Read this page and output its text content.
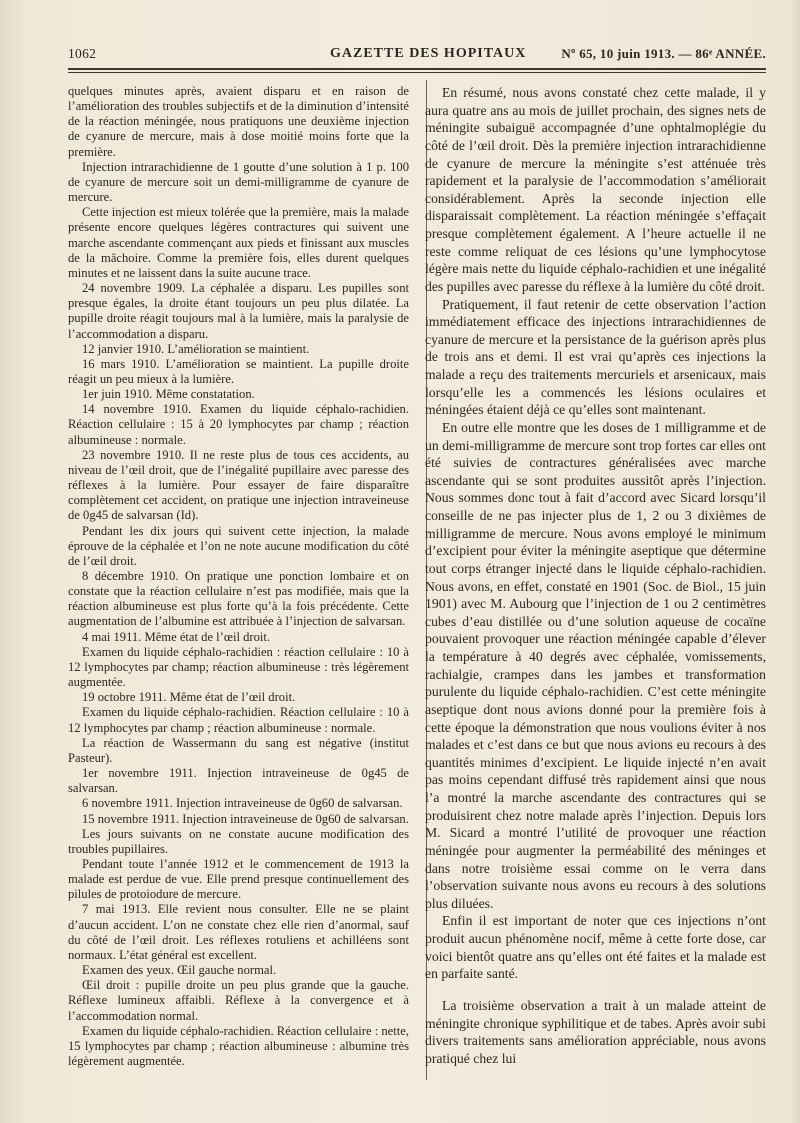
1062	GAZETTE DES HOPITAUX	Nº 65, 10 juin 1913. — 86ᵉ ANNÉE.

quelques minutes après, avaient disparu et en raison de l’amélioration des troubles subjectifs et de la diminution d’intensité de la réaction méningée, nous pratiquons une deuxième injection de cyanure de mercure, mais à dose moitié moins forte que la première.

Injection intrarachidienne de 1 goutte d’une solution à 1 p. 100 de cyanure de mercure soit un demi-milligramme de cyanure de mercure.

Cette injection est mieux tolérée que la première, mais la malade présente encore quelques légères contractures qui suivent une marche ascendante commençant aux pieds et finissant aux muscles de la mâchoire. Comme la première fois, elles durent quelques minutes et ne laissent dans la suite aucune trace.

24 novembre 1909. La céphalée a disparu. Les pupilles sont presque égales, la droite étant toujours un peu plus dilatée. La pupille droite réagit toujours mal à la lumière, mais la paralysie de l’accommodation a disparu.

12 janvier 1910. L’amélioration se maintient.

16 mars 1910. L’amélioration se maintient. La pupille droite réagit un peu mieux à la lumière.

1er juin 1910. Même constatation.

14 novembre 1910. Examen du liquide céphalo-rachidien. Réaction cellulaire : 15 à 20 lymphocytes par champ ; réaction albumineuse : normale.

23 novembre 1910. Il ne reste plus de tous ces accidents, au niveau de l’œil droit, que de l’inégalité pupillaire avec paresse des réflexes à la lumière. Pour essayer de faire disparaître complètement cet accident, on pratique une injection intraveineuse de 0g45 de salvarsan (Id).

Pendant les dix jours qui suivent cette injection, la malade éprouve de la céphalée et l’on ne note aucune modification du côté de l’œil droit.

8 décembre 1910. On pratique une ponction lombaire et on constate que la réaction cellulaire n’est pas modifiée, mais que la réaction albumineuse est plus forte qu’à la fois précédente. Cette augmentation de l’albumine est attribuée à l’injection de salvarsan.

4 mai 1911. Même état de l’œil droit.

Examen du liquide céphalo-rachidien : réaction cellulaire : 10 à 12 lymphocytes par champ; réaction albumineuse : très légèrement augmentée.

19 octobre 1911. Même état de l’œil droit.

Examen du liquide céphalo-rachidien. Réaction cellulaire : 10 à 12 lymphocytes par champ ; réaction albumineuse : normale.

La réaction de Wassermann du sang est négative (institut Pasteur).

1er novembre 1911. Injection intraveineuse de 0g45 de salvarsan.

6 novembre 1911. Injection intraveineuse de 0g60 de salvarsan.

15 novembre 1911. Injection intraveineuse de 0g60 de salvarsan.

Les jours suivants on ne constate aucune modification des troubles pupillaires.

Pendant toute l’année 1912 et le commencement de 1913 la malade est perdue de vue. Elle prend presque continuellement des pilules de protoiodure de mercure.

7 mai 1913. Elle revient nous consulter. Elle ne se plaint d’aucun accident. L’on ne constate chez elle rien d’anormal, sauf du côté de l’œil droit. Les réflexes rotuliens et achilléens sont normaux. L’état général est excellent.

Examen des yeux. Œil gauche normal.

Œil droit : pupille droite un peu plus grande que la gauche. Réflexe lumineux affaibli. Réflexe à la convergence et à l’accommodation normal.

Examen du liquide céphalo-rachidien. Réaction cellulaire : nette, 15 lymphocytes par champ ; réaction albumineuse : albumine très légèrement augmentée.

En résumé, nous avons constaté chez cette malade, il y aura quatre ans au mois de juillet prochain, des signes nets de méningite subaiguë accompagnée d’une ophtalmoplégie du côté de l’œil droit. Dès la première injection intrarachidienne de cyanure de mercure la méningite s’est atténuée très rapidement et la paralysie de l’accommodation s’améliorait considérablement. Après la seconde injection elle disparaissait complètement. La réaction méningée s’effaçait presque complètement également. A l’heure actuelle il ne reste comme reliquat de ces lésions qu’une lymphocytose légère mais nette du liquide céphalo-rachidien et une inégalité des pupilles avec paresse du réflexe à la lumière du côté droit.

Pratiquement, il faut retenir de cette observation l’action immédiatement efficace des injections intrarachidiennes de cyanure de mercure et la persistance de la guérison après plus de trois ans et demi. Il est vrai qu’après ces injections la malade a reçu des traitements mercuriels et arsenicaux, mais lorsqu’elle les a commencés les lésions oculaires et méningées étaient déjà ce qu’elles sont maintenant.

En outre elle montre que les doses de 1 milligramme et de un demi-milligramme de mercure sont trop fortes car elles ont été suivies de contractures généralisées avec marche ascendante qui se sont produites aussitôt après l’injection. Nous sommes donc tout à fait d’accord avec Sicard lorsqu’il conseille de ne pas injecter plus de 1, 2 ou 3 dixièmes de milligramme de mercure. Nous avons employé le minimum d’excipient pour éviter la méningite aseptique que détermine tout corps étranger injecté dans le liquide céphalo-rachidien. Nous avons, en effet, constaté en 1901 (Soc. de Biol., 15 juin 1901) avec M. Aubourg que l’injection de 1 ou 2 centimètres cubes d’eau distillée ou d’une solution aqueuse de cocaïne pouvaient provoquer une réaction méningée capable d’élever la température à 40 degrés avec céphalée, vomissements, rachialgie, crampes dans les jambes et transformation purulente du liquide céphalo-rachidien. C’est cette méningite aseptique dont nous avions donné pour la première fois à cette époque la démonstration que nous voulions éviter à nos malades et c’est dans ce but que nous avions eu recours à des quantités minimes d’excipient. Le liquide injecté n’en avait pas moins cependant diffusé très rapidement ainsi que nous l’a montré la marche ascendante des contractures qui se produisirent chez notre malade après l’injection. Depuis lors M. Sicard a montré l’utilité de provoquer une réaction méningée pour augmenter la perméabilité des méninges et dans notre troisième essai comme on le verra dans l’observation suivante nous avons eu recours à des solutions plus diluées.

Enfin il est important de noter que ces injections n’ont produit aucun phénomène nocif, même à cette forte dose, car voici bientôt quatre ans qu’elles ont été faites et la malade est en parfaite santé.

La troisième observation a trait à un malade atteint de méningite chronique syphilitique et de tabes. Après avoir subi divers traitements sans amélioration appréciable, nous avons pratiqué chez lui
